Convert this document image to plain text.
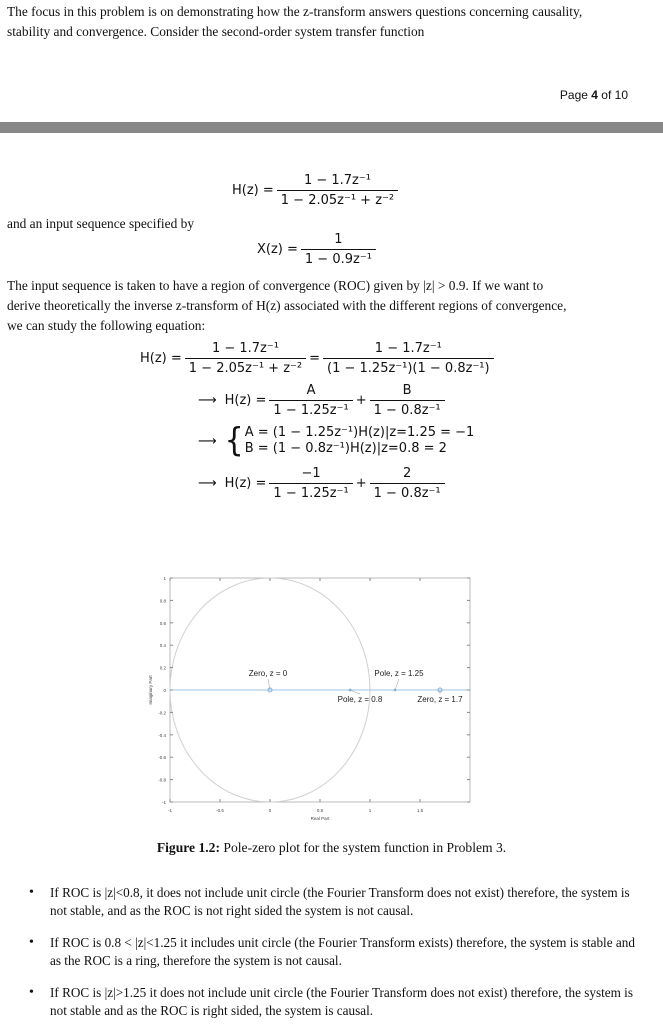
The focus in this problem is on demonstrating how the z-transform answers questions concerning causality,
stability and convergence. Consider the second-order system transfer function
Page 4 of 10
$H(z) = \frac{\text{1 − 1.7z⁻¹}}{\text{1 − 2.05z⁻¹ + z⁻²}}$
and an input sequence specified by
$X(z) = \frac{1}{\text{1 − 0.9z⁻¹}}$
The input sequence is taken to have a region of convergence (ROC) given by |z| > 0.9. If we want to
derive theoretically the inverse z-transform of H(z) associated with the different regions of convergence,
we can study the following equation:
$H(z) = \frac{\text{1 − 1.7z⁻¹}}{\text{1 − 2.05z⁻¹ + z⁻²}} = \frac{\text{1 − 1.7z⁻¹}}{\text{(1 − 1.25z⁻¹)(1 − 0.8z⁻¹)}}$
⟶ $H(z) = \frac{A}{\text{1 − 1.25z⁻¹}} + \frac{B}{\text{1 − 0.8z⁻¹}}$
⟶ { A = (1 − 1.25z⁻¹)H(z)|z=1.25 = −1
B = (1 − 0.8z⁻¹)H(z)|z=0.8 = 2
⟶ $H(z) = \frac{-1}{\text{1 − 1.25z⁻¹}} + \frac{2}{\text{1 − 0.8z⁻¹}}$
1
0.8
0.6
0.4
0.2
0
-0.2
-0.4
-0.6
-0.8
-1
-1	-0.5	0	0.5	1	1.5
Real Part
Imaginary Part
Zero, z = 0
Pole, z = 0.8
Pole, z = 1.25
Zero, z = 1.7
Figure 1.2: Pole-zero plot for the system function in Problem 3.
• If ROC is |z|<0.8, it does not include unit circle (the Fourier Transform does not exist) therefore, the system is not stable, and as the ROC is not right sided the system is not causal.
• If ROC is 0.8 < |z|<1.25 it includes unit circle (the Fourier Transform exists) therefore, the system is stable and as the ROC is a ring, therefore the system is not causal.
• If ROC is |z|>1.25 it does not include unit circle (the Fourier Transform does not exist) therefore, the system is not stable and as the ROC is right sided, the system is causal.
